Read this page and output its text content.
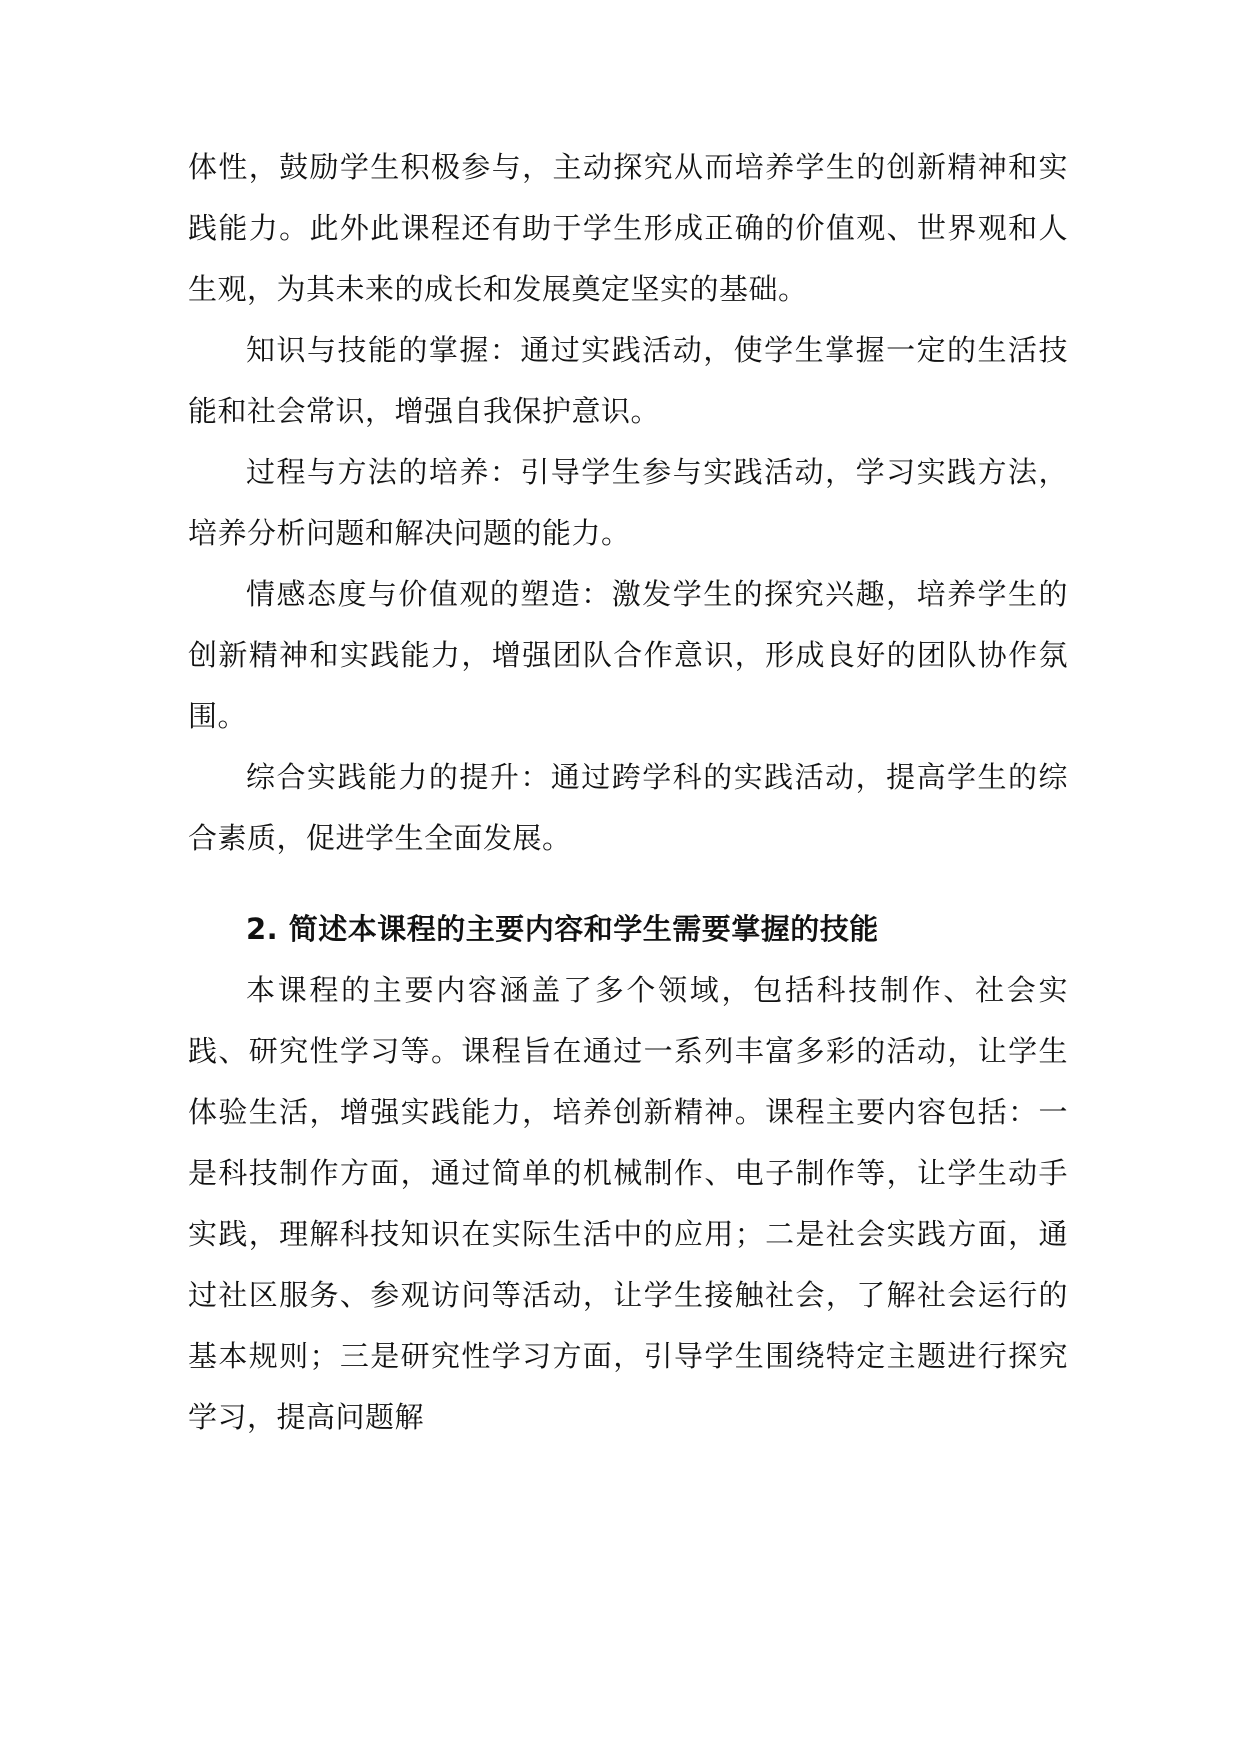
体性，鼓励学生积极参与，主动探究从而培养学生的创新精神和实践能力。此外此课程还有助于学生形成正确的价值观、世界观和人生观，为其未来的成长和发展奠定坚实的基础。

知识与技能的掌握：通过实践活动，使学生掌握一定的生活技能和社会常识，增强自我保护意识。

过程与方法的培养：引导学生参与实践活动，学习实践方法，培养分析问题和解决问题的能力。

情感态度与价值观的塑造：激发学生的探究兴趣，培养学生的创新精神和实践能力，增强团队合作意识，形成良好的团队协作氛围。

综合实践能力的提升：通过跨学科的实践活动，提高学生的综合素质，促进学生全面发展。

2. 简述本课程的主要内容和学生需要掌握的技能

本课程的主要内容涵盖了多个领域，包括科技制作、社会实践、研究性学习等。课程旨在通过一系列丰富多彩的活动，让学生体验生活，增强实践能力，培养创新精神。课程主要内容包括：一是科技制作方面，通过简单的机械制作、电子制作等，让学生动手实践，理解科技知识在实际生活中的应用；二是社会实践方面，通过社区服务、参观访问等活动，让学生接触社会，了解社会运行的基本规则；三是研究性学习方面，引导学生围绕特定主题进行探究学习，提高问题解
